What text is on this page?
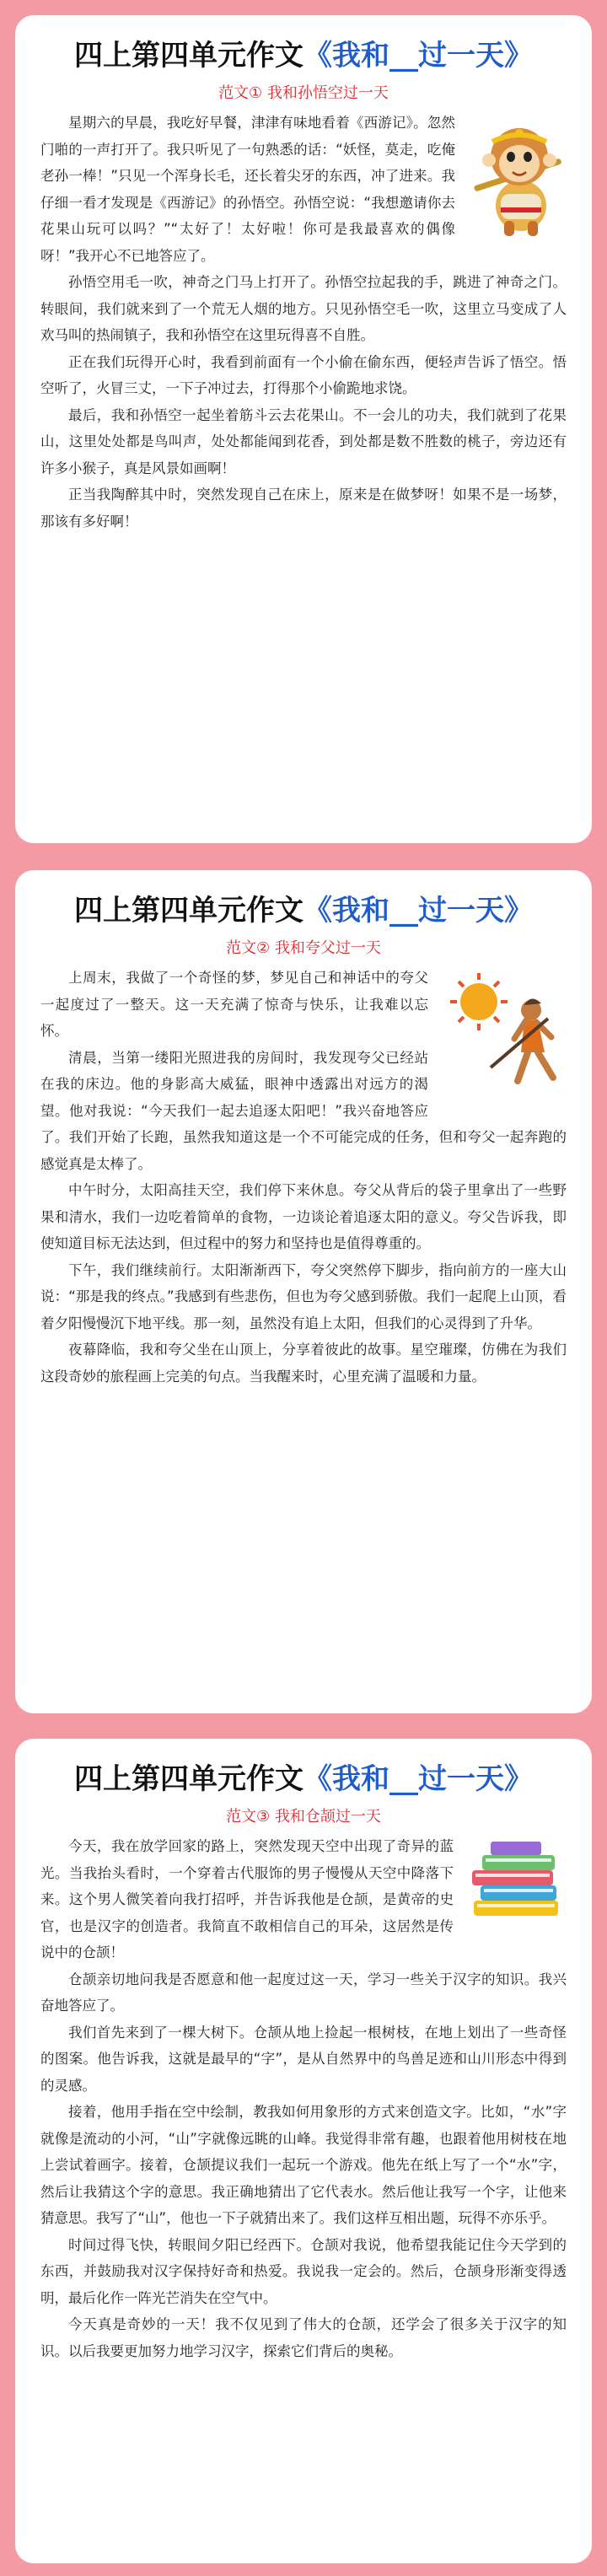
四上第四单元作文《我和__过一天》
范文① 我和孙悟空过一天

星期六的早晨，我吃好早餐，津津有味地看着《西游记》。忽然门啪的一声打开了。我只听见了一句熟悉的话：“妖怪，莫走，吃俺老孙一棒！”只见一个浑身长毛，还长着尖牙的东西，冲了进来。我仔细一看才发现是《西游记》的孙悟空。孙悟空说：“我想邀请你去花果山玩可以吗？”“太好了！太好啦！你可是我最喜欢的偶像呀！”我开心不已地答应了。

孙悟空用毛一吹，神奇之门马上打开了。孙悟空拉起我的手，跳进了神奇之门。转眼间，我们就来到了一个荒无人烟的地方。只见孙悟空毛一吹，这里立马变成了人欢马叫的热闹镇子，我和孙悟空在这里玩得喜不自胜。

正在我们玩得开心时，我看到前面有一个小偷在偷东西，便轻声告诉了悟空。悟空听了，火冒三丈，一下子冲过去，打得那个小偷跪地求饶。

最后，我和孙悟空一起坐着筋斗云去花果山。不一会儿的功夫，我们就到了花果山，这里处处都是鸟叫声，处处都能闻到花香，到处都是数不胜数的桃子，旁边还有许多小猴子，真是风景如画啊！

正当我陶醉其中时，突然发现自己在床上，原来是在做梦呀！如果不是一场梦，那该有多好啊！

四上第四单元作文《我和__过一天》
范文② 我和夸父过一天

上周末，我做了一个奇怪的梦，梦见自己和神话中的夸父一起度过了一整天。这一天充满了惊奇与快乐，让我难以忘怀。

清晨，当第一缕阳光照进我的房间时，我发现夸父已经站在我的床边。他的身影高大威猛，眼神中透露出对远方的渴望。他对我说：“今天我们一起去追逐太阳吧！”我兴奋地答应了。我们开始了长跑，虽然我知道这是一个不可能完成的任务，但和夸父一起奔跑的感觉真是太棒了。

中午时分，太阳高挂天空，我们停下来休息。夸父从背后的袋子里拿出了一些野果和清水，我们一边吃着简单的食物，一边谈论着追逐太阳的意义。夸父告诉我，即使知道目标无法达到，但过程中的努力和坚持也是值得尊重的。

下午，我们继续前行。太阳渐渐西下，夸父突然停下脚步，指向前方的一座大山说：“那是我的终点。”我感到有些悲伤，但也为夸父感到骄傲。我们一起爬上山顶，看着夕阳慢慢沉下地平线。那一刻，虽然没有追上太阳，但我们的心灵得到了升华。

夜幕降临，我和夸父坐在山顶上，分享着彼此的故事。星空璀璨，仿佛在为我们这段奇妙的旅程画上完美的句点。当我醒来时，心里充满了温暖和力量。

四上第四单元作文《我和__过一天》
范文③ 我和仓颉过一天

今天，我在放学回家的路上，突然发现天空中出现了奇异的蓝光。当我抬头看时，一个穿着古代服饰的男子慢慢从天空中降落下来。这个男人微笑着向我打招呼，并告诉我他是仓颉，是黄帝的史官，也是汉字的创造者。我简直不敢相信自己的耳朵，这居然是传说中的仓颉！

仓颉亲切地问我是否愿意和他一起度过这一天，学习一些关于汉字的知识。我兴奋地答应了。

我们首先来到了一棵大树下。仓颉从地上捡起一根树枝，在地上划出了一些奇怪的图案。他告诉我，这就是最早的“字”，是从自然界中的鸟兽足迹和山川形态中得到的灵感。

接着，他用手指在空中绘制，教我如何用象形的方式来创造文字。比如，“水”字就像是流动的小河，“山”字就像远眺的山峰。我觉得非常有趣，也跟着他用树枝在地上尝试着画字。接着，仓颉提议我们一起玩一个游戏。他先在纸上写了一个“水”字，然后让我猜这个字的意思。我正确地猜出了它代表水。然后他让我写一个字，让他来猜意思。我写了“山”，他也一下子就猜出来了。我们这样互相出题，玩得不亦乐乎。

时间过得飞快，转眼间夕阳已经西下。仓颉对我说，他希望我能记住今天学到的东西，并鼓励我对汉字保持好奇和热爱。我说我一定会的。然后，仓颉身形渐变得透明，最后化作一阵光芒消失在空气中。

今天真是奇妙的一天！我不仅见到了伟大的仓颉，还学会了很多关于汉字的知识。以后我要更加努力地学习汉字，探索它们背后的奥秘。
